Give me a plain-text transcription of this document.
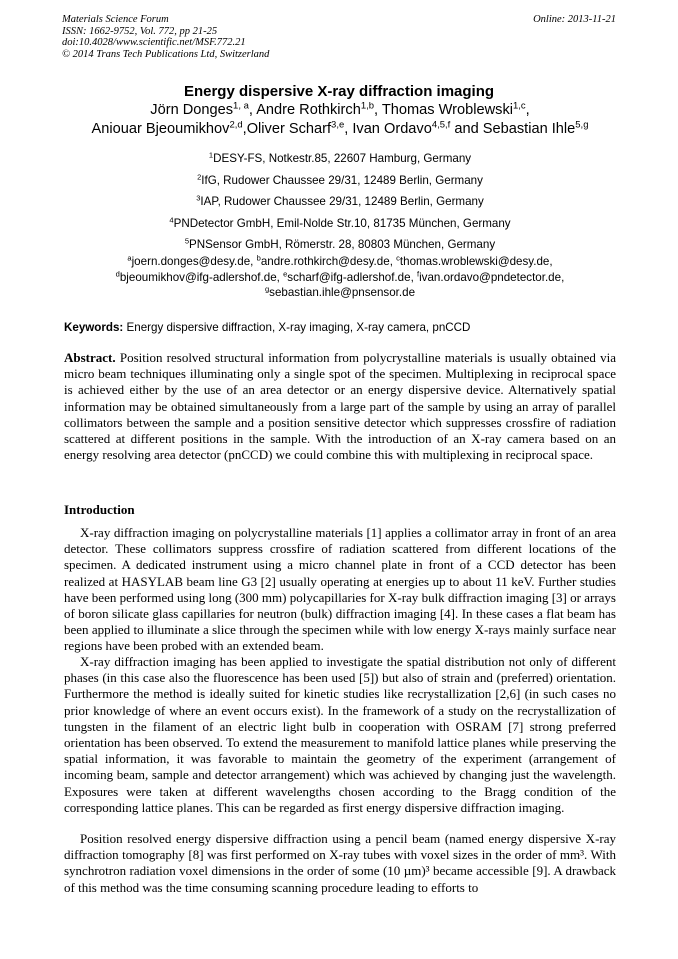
Materials Science Forum
ISSN: 1662-9752, Vol. 772, pp 21-25
doi:10.4028/www.scientific.net/MSF.772.21
© 2014 Trans Tech Publications Ltd, Switzerland
Online: 2013-11-21
Energy dispersive X-ray diffraction imaging
Jörn Donges$^{1, a}$, Andre Rothkirch$^{1,b}$, Thomas Wroblewski$^{1,c}$,
Aniouar Bjeoumikhov$^{2,d}$,Oliver Scharf$^{3,e}$, Ivan Ordavo$^{4,5,f}$ and Sebastian Ihle$^{5,g}$
$^1$DESY-FS, Notkestr.85, 22607 Hamburg, Germany
$^2$IfG, Rudower Chaussee 29/31, 12489 Berlin, Germany
$^3$IAP, Rudower Chaussee 29/31, 12489 Berlin, Germany
$^4$PNDetector GmbH, Emil-Nolde Str.10, 81735 München, Germany
$^5$PNSensor GmbH, Römerstr. 28, 80803 München, Germany
$^a$joern.donges@desy.de, $^b$andre.rothkirch@desy.de, $^c$thomas.wroblewski@desy.de,
$^d$bjeoumikhov@ifg-adlershof.de, $^e$scharf@ifg-adlershof.de, $^f$ivan.ordavo@pndetector.de,
$^g$sebastian.ihle@pnsensor.de
Keywords: Energy dispersive diffraction, X-ray imaging, X-ray camera, pnCCD
Abstract. Position resolved structural information from polycrystalline materials is usually obtained via micro beam techniques illuminating only a single spot of the specimen. Multiplexing in reciprocal space is achieved either by the use of an area detector or an energy dispersive device. Alternatively spatial information may be obtained simultaneously from a large part of the sample by using an array of parallel collimators between the sample and a position sensitive detector which suppresses crossfire of radiation scattered at different positions in the sample. With the introduction of an X-ray camera based on an energy resolving area detector (pnCCD) we could combine this with multiplexing in reciprocal space.
Introduction
X-ray diffraction imaging on polycrystalline materials [1] applies a collimator array in front of an area detector. These collimators suppress crossfire of radiation scattered from different locations of the specimen. A dedicated instrument using a micro channel plate in front of a CCD detector has been realized at HASYLAB beam line G3 [2] usually operating at energies up to about 11 keV. Further studies have been performed using long (300 mm) polycapillaries for X-ray bulk diffraction imaging [3] or arrays of boron silicate glass capillaries for neutron (bulk) diffraction imaging [4]. In these cases a flat beam has been applied to illuminate a slice through the specimen while with low energy X-rays mainly surface near regions have been probed with an extended beam.
X-ray diffraction imaging has been applied to investigate the spatial distribution not only of different phases (in this case also the fluorescence has been used [5]) but also of strain and (preferred) orientation. Furthermore the method is ideally suited for kinetic studies like recrystallization [2,6] (in such cases no prior knowledge of where an event occurs exist). In the framework of a study on the recrystallization of tungsten in the filament of an electric light bulb in cooperation with OSRAM [7] strong preferred orientation has been observed. To extend the measurement to manifold lattice planes while preserving the spatial information, it was favorable to maintain the geometry of the experiment (arrangement of incoming beam, sample and detector arrangement) which was achieved by changing just the wavelength. Exposures were taken at different wavelengths chosen according to the Bragg condition of the corresponding lattice planes. This can be regarded as first energy dispersive diffraction imaging.
Position resolved energy dispersive diffraction using a pencil beam (named energy dispersive X-ray diffraction tomography [8] was first performed on X-ray tubes with voxel sizes in the order of mm³. With synchrotron radiation voxel dimensions in the order of some (10 µm)³ became accessible [9]. A drawback of this method was the time consuming scanning procedure leading to efforts to
